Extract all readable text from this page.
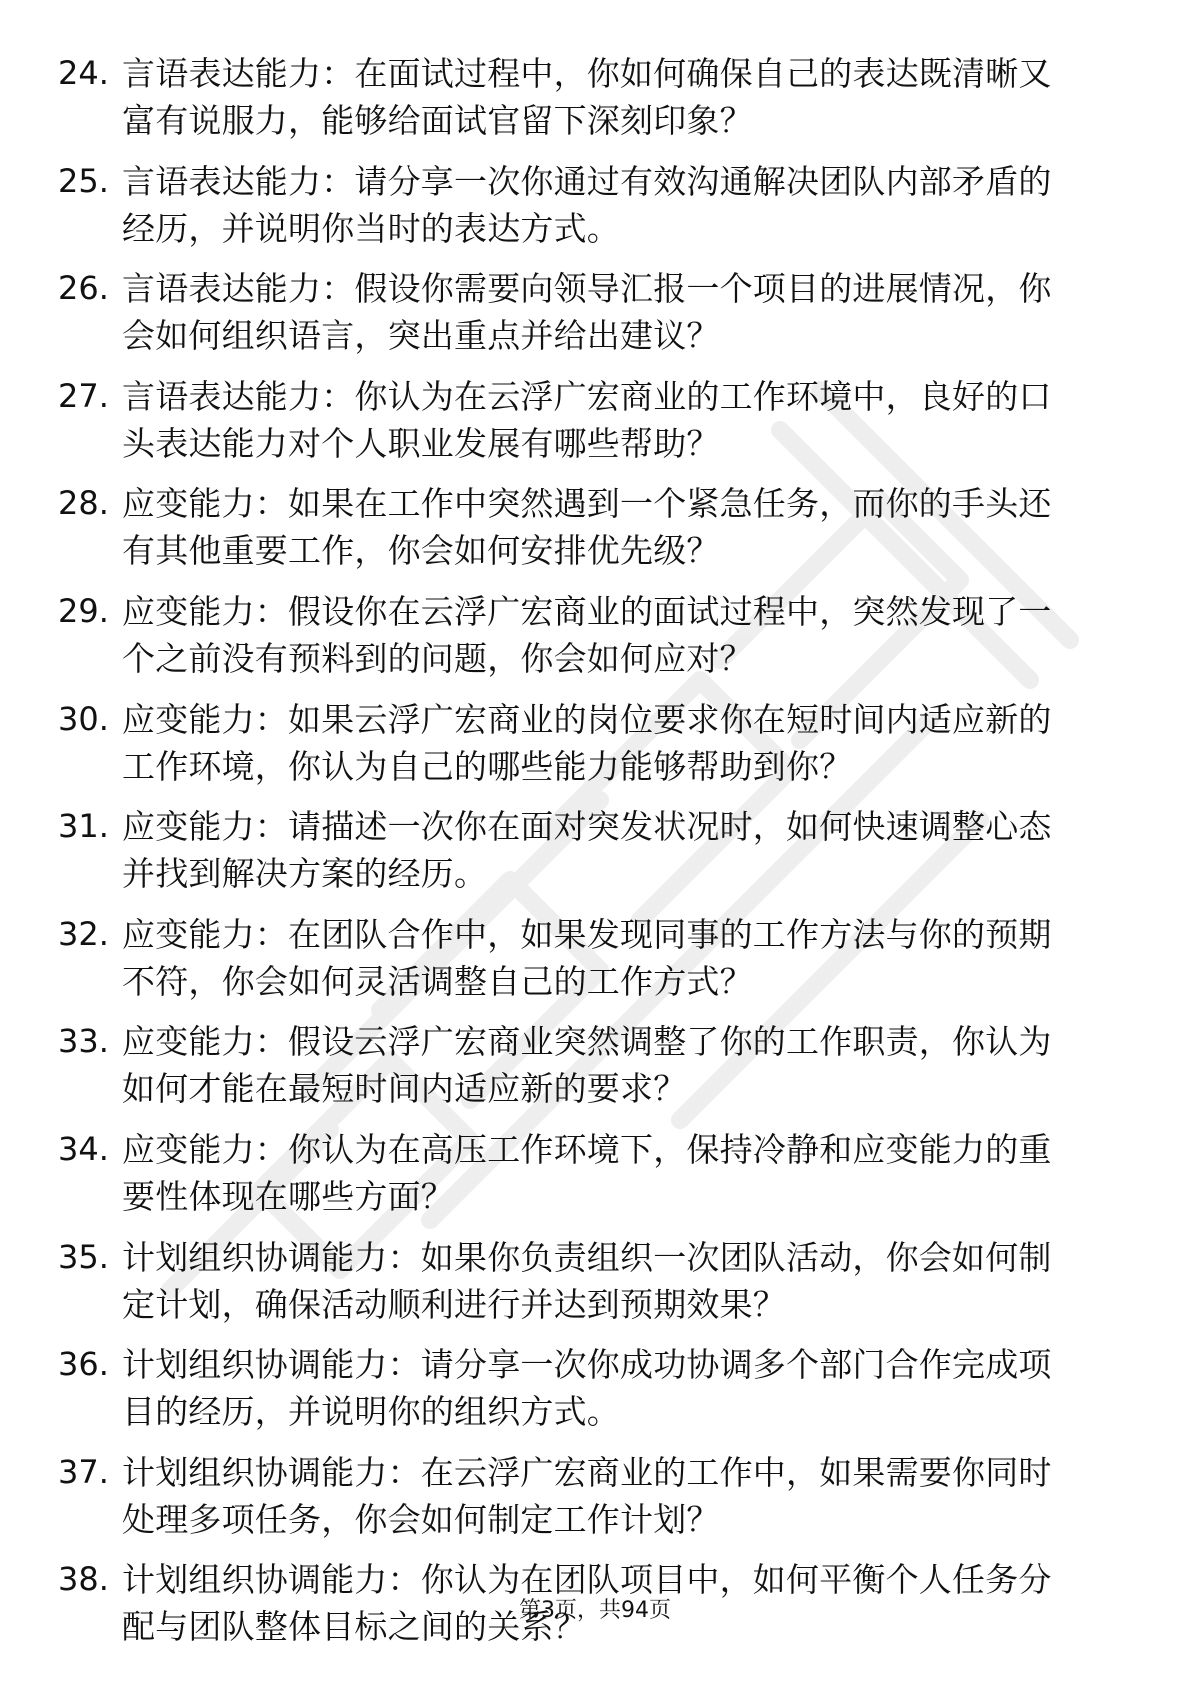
24. 言语表达能力：在面试过程中，你如何确保自己的表达既清晰又
富有说服力，能够给面试官留下深刻印象？
25. 言语表达能力：请分享一次你通过有效沟通解决团队内部矛盾的
经历，并说明你当时的表达方式。
26. 言语表达能力：假设你需要向领导汇报一个项目的进展情况，你
会如何组织语言，突出重点并给出建议？
27. 言语表达能力：你认为在云浮广宏商业的工作环境中，良好的口
头表达能力对个人职业发展有哪些帮助？
28. 应变能力：如果在工作中突然遇到一个紧急任务，而你的手头还
有其他重要工作，你会如何安排优先级？
29. 应变能力：假设你在云浮广宏商业的面试过程中，突然发现了一
个之前没有预料到的问题，你会如何应对？
30. 应变能力：如果云浮广宏商业的岗位要求你在短时间内适应新的
工作环境，你认为自己的哪些能力能够帮助到你？
31. 应变能力：请描述一次你在面对突发状况时，如何快速调整心态
并找到解决方案的经历。
32. 应变能力：在团队合作中，如果发现同事的工作方法与你的预期
不符，你会如何灵活调整自己的工作方式？
33. 应变能力：假设云浮广宏商业突然调整了你的工作职责，你认为
如何才能在最短时间内适应新的要求？
34. 应变能力：你认为在高压工作环境下，保持冷静和应变能力的重
要性体现在哪些方面？
35. 计划组织协调能力：如果你负责组织一次团队活动，你会如何制
定计划，确保活动顺利进行并达到预期效果？
36. 计划组织协调能力：请分享一次你成功协调多个部门合作完成项
目的经历，并说明你的组织方式。
37. 计划组织协调能力：在云浮广宏商业的工作中，如果需要你同时
处理多项任务，你会如何制定工作计划？
38. 计划组织协调能力：你认为在团队项目中，如何平衡个人任务分
配与团队整体目标之间的关系？
第3页，共94页
